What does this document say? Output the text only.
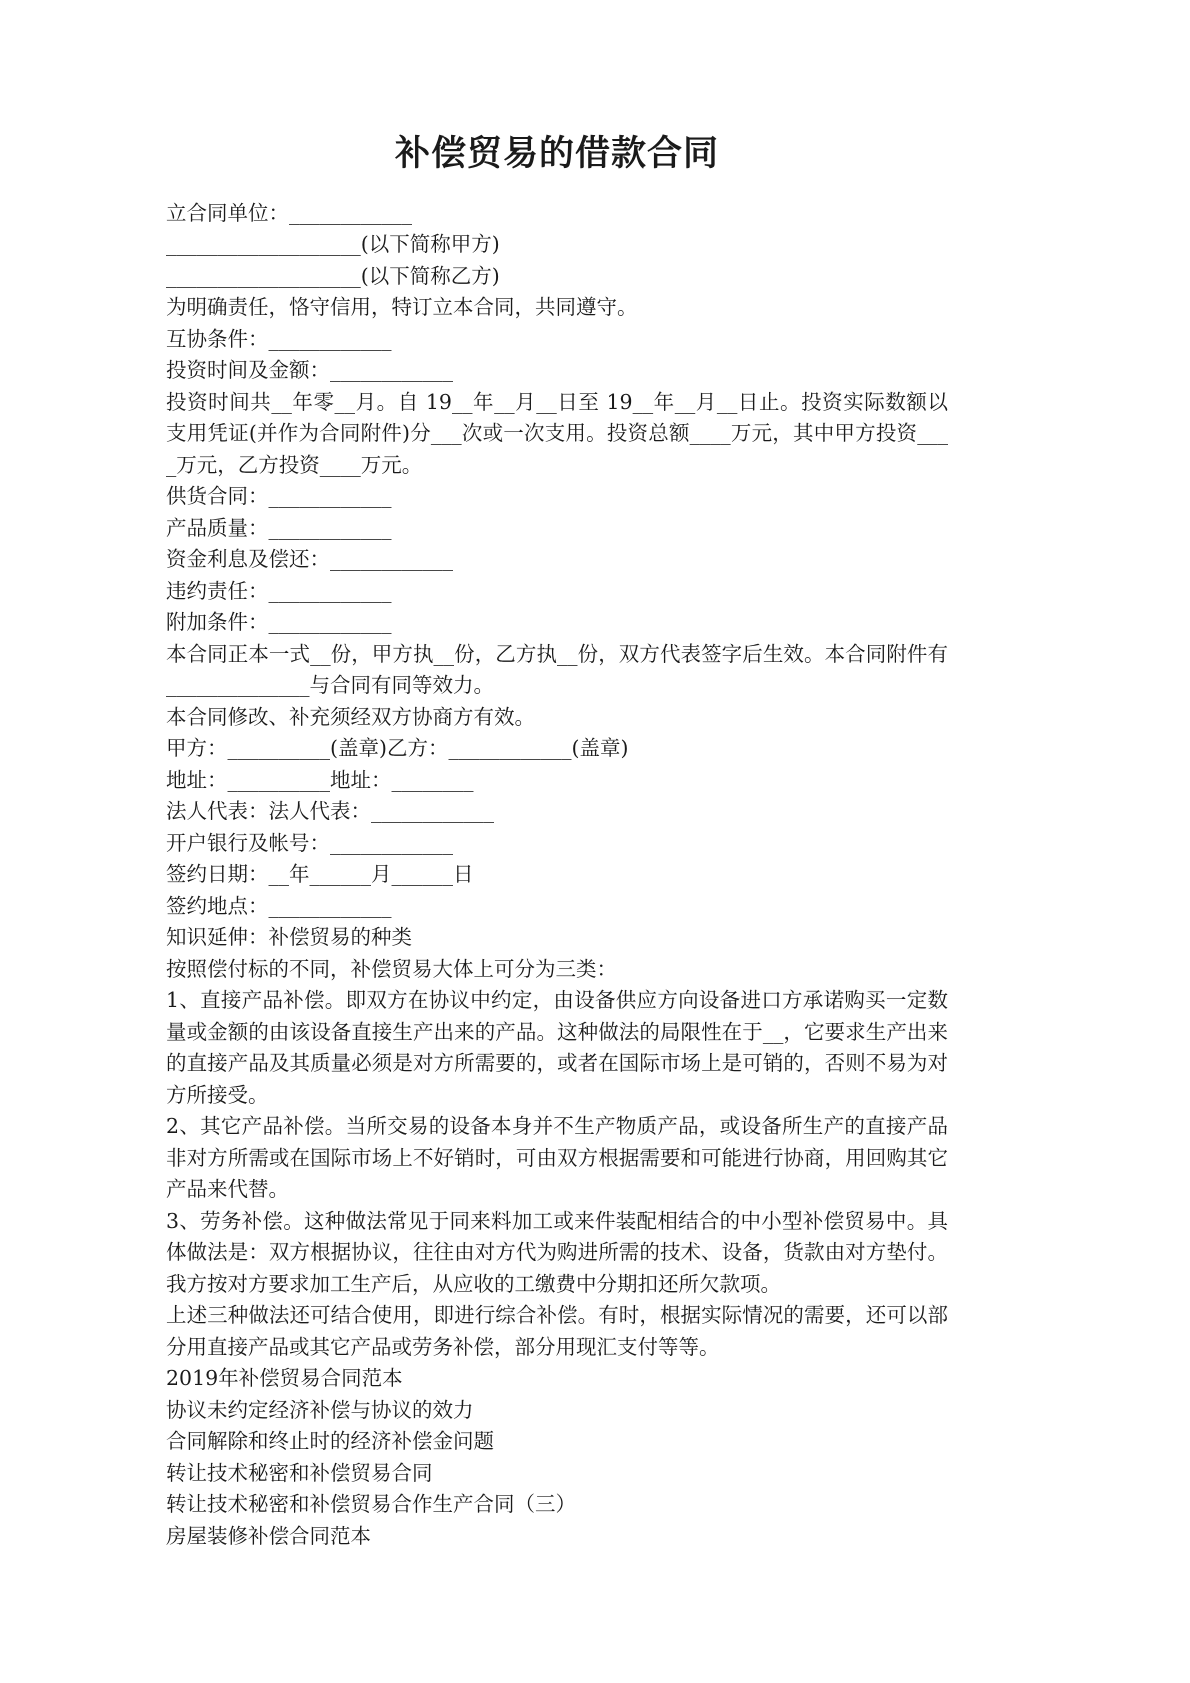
补偿贸易的借款合同

立合同单位：____________

___________________(以下简称甲方)

___________________(以下简称乙方)

为明确责任，恪守信用，特订立本合同，共同遵守。

互协条件：____________

投资时间及金额：____________

投资时间共__年零__月。自 19__年__月__日至 19__年__月__日止。投资实际数额以支用凭证(并作为合同附件)分___次或一次支用。投资总额____万元，其中甲方投资____万元，乙方投资____万元。

供货合同：____________

产品质量：____________

资金利息及偿还：____________

违约责任：____________

附加条件：____________

本合同正本一式__份，甲方执__份，乙方执__份，双方代表签字后生效。本合同附件有______________与合同有同等效力。

本合同修改、补充须经双方协商方有效。

甲方：__________(盖章)乙方：____________(盖章)

地址：__________地址：________

法人代表：法人代表：____________

开户银行及帐号：____________

签约日期：__年______月______日

签约地点：____________

知识延伸：补偿贸易的种类

按照偿付标的不同，补偿贸易大体上可分为三类：

1、直接产品补偿。即双方在协议中约定，由设备供应方向设备进口方承诺购买一定数量或金额的由该设备直接生产出来的产品。这种做法的局限性在于__，它要求生产出来的直接产品及其质量必须是对方所需要的，或者在国际市场上是可销的，否则不易为对方所接受。

2、其它产品补偿。当所交易的设备本身并不生产物质产品，或设备所生产的直接产品非对方所需或在国际市场上不好销时，可由双方根据需要和可能进行协商，用回购其它产品来代替。

3、劳务补偿。这种做法常见于同来料加工或来件装配相结合的中小型补偿贸易中。具体做法是：双方根据协议，往往由对方代为购进所需的技术、设备，货款由对方垫付。我方按对方要求加工生产后，从应收的工缴费中分期扣还所欠款项。

上述三种做法还可结合使用，即进行综合补偿。有时，根据实际情况的需要，还可以部分用直接产品或其它产品或劳务补偿，部分用现汇支付等等。

2019年补偿贸易合同范本

协议未约定经济补偿与协议的效力

合同解除和终止时的经济补偿金问题

转让技术秘密和补偿贸易合同

转让技术秘密和补偿贸易合作生产合同（三）

房屋装修补偿合同范本
